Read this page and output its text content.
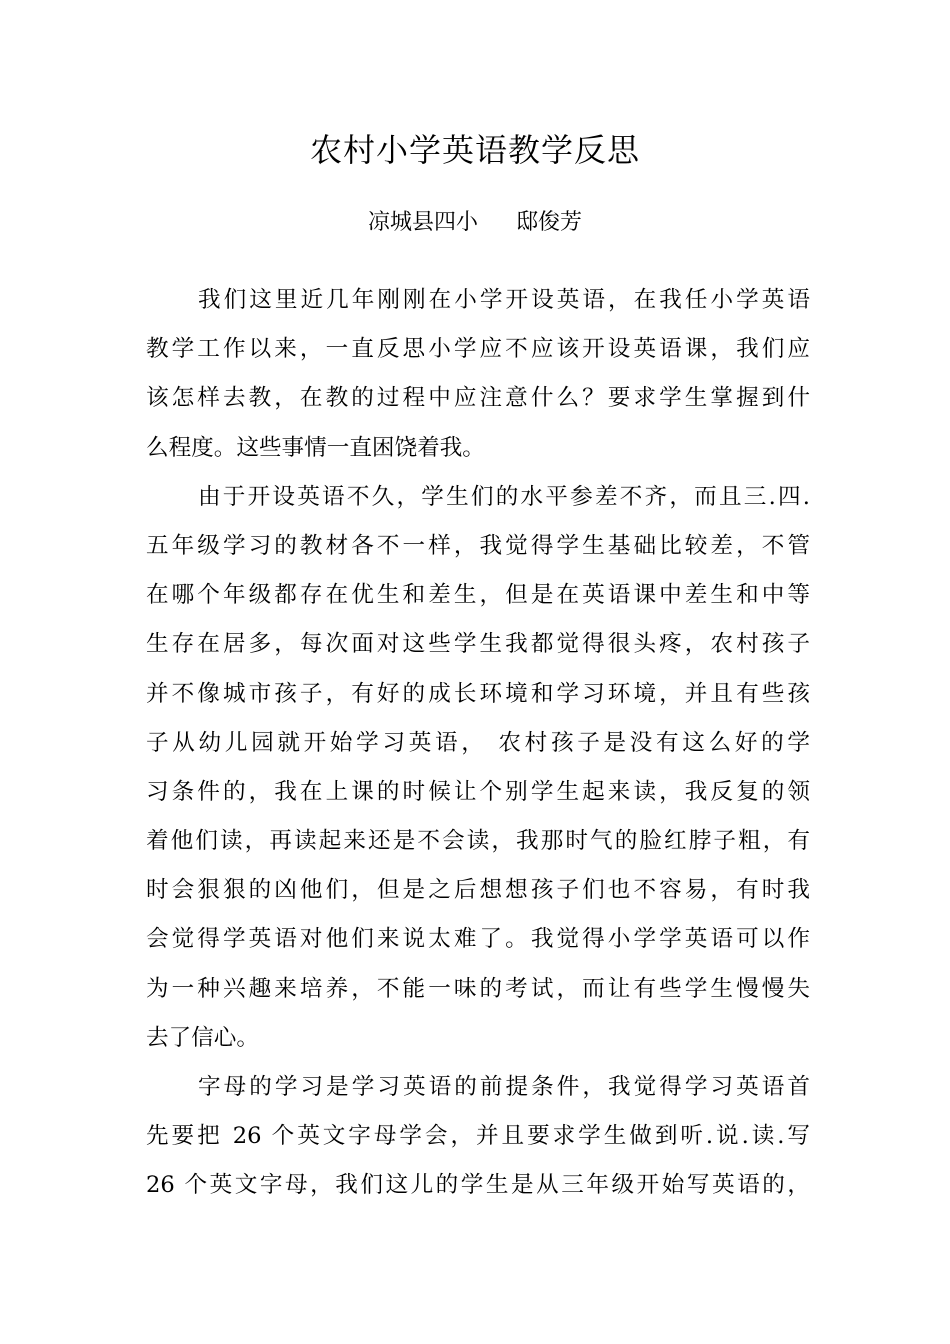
农村小学英语教学反思
凉城县四小 邸俊芳
我们这里近几年刚刚在小学开设英语，在我任小学英语
教学工作以来，一直反思小学应不应该开设英语课，我们应
该怎样去教，在教的过程中应注意什么？要求学生掌握到什
么程度。这些事情一直困饶着我。
由于开设英语不久，学生们的水平参差不齐，而且三.四.
五年级学习的教材各不一样，我觉得学生基础比较差，不管
在哪个年级都存在优生和差生，但是在英语课中差生和中等
生存在居多，每次面对这些学生我都觉得很头疼，农村孩子
并不像城市孩子，有好的成长环境和学习环境，并且有些孩
子从幼儿园就开始学习英语， 农村孩子是没有这么好的学
习条件的，我在上课的时候让个别学生起来读，我反复的领
着他们读，再读起来还是不会读，我那时气的脸红脖子粗，有
时会狠狠的凶他们，但是之后想想孩子们也不容易，有时我
会觉得学英语对他们来说太难了。我觉得小学学英语可以作
为一种兴趣来培养，不能一味的考试，而让有些学生慢慢失
去了信心。
字母的学习是学习英语的前提条件，我觉得学习英语首
先要把 26 个英文字母学会，并且要求学生做到听.说.读.写
26 个英文字母，我们这儿的学生是从三年级开始写英语的，
